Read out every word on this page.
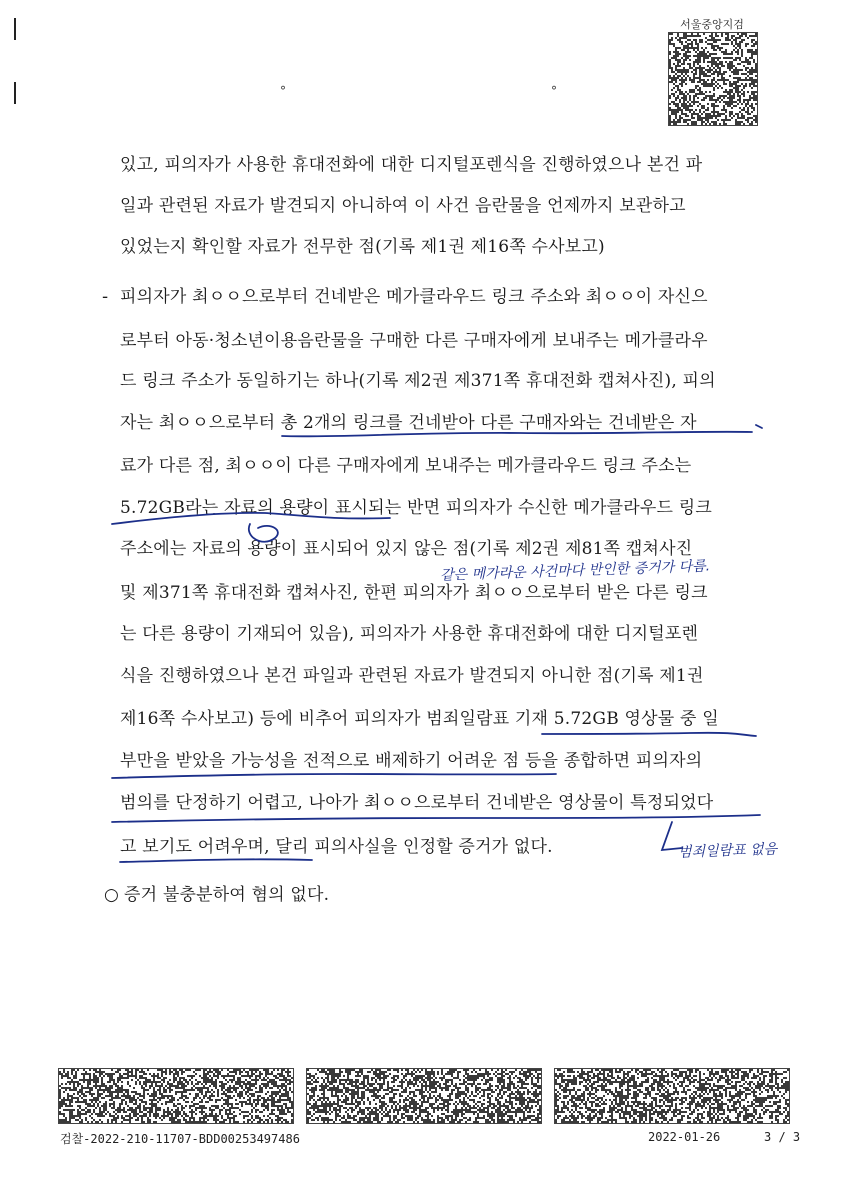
서울중앙지검
°	°
있고, 피의자가 사용한 휴대전화에 대한 디지털포렌식을 진행하였으나 본건 파
일과 관련된 자료가 발견되지 아니하여 이 사건 음란물을 언제까지 보관하고
있었는지 확인할 자료가 전무한 점(기록 제1권 제16쪽 수사보고)
- 피의자가 최ㅇㅇ으로부터 건네받은 메가클라우드 링크 주소와 최ㅇㅇ이 자신으
로부터 아동·청소년이용음란물을 구매한 다른 구매자에게 보내주는 메가클라우
드 링크 주소가 동일하기는 하나(기록 제2권 제371쪽 휴대전화 캡쳐사진), 피의
자는 최ㅇㅇ으로부터 총 2개의 링크를 건네받아 다른 구매자와는 건네받은 자
료가 다른 점, 최ㅇㅇ이 다른 구매자에게 보내주는 메가클라우드 링크 주소는
5.72GB라는 자료의 용량이 표시되는 반면 피의자가 수신한 메가클라우드 링크
주소에는 자료의 용량이 표시되어 있지 않은 점(기록 제2권 제81쪽 캡쳐사진
및 제371쪽 휴대전화 캡쳐사진, 한편 피의자가 최ㅇㅇ으로부터 받은 다른 링크
는 다른 용량이 기재되어 있음), 피의자가 사용한 휴대전화에 대한 디지털포렌
식을 진행하였으나 본건 파일과 관련된 자료가 발견되지 아니한 점(기록 제1권
제16쪽 수사보고) 등에 비추어 피의자가 범죄일람표 기재 5.72GB 영상물 중 일
부만을 받았을 가능성을 전적으로 배제하기 어려운 점 등을 종합하면 피의자의
범의를 단정하기 어렵고, 나아가 최ㅇㅇ으로부터 건네받은 영상물이 특정되었다
고 보기도 어려우며, 달리 피의사실을 인정할 증거가 없다.
○ 증거 불충분하여 혐의 없다.
같은 메가라운 사건마다 반인한 증거가 다름.
범죄일람표 없음
검찰-2022-210-11707-BDD00253497486	2022-01-26	3 / 3
